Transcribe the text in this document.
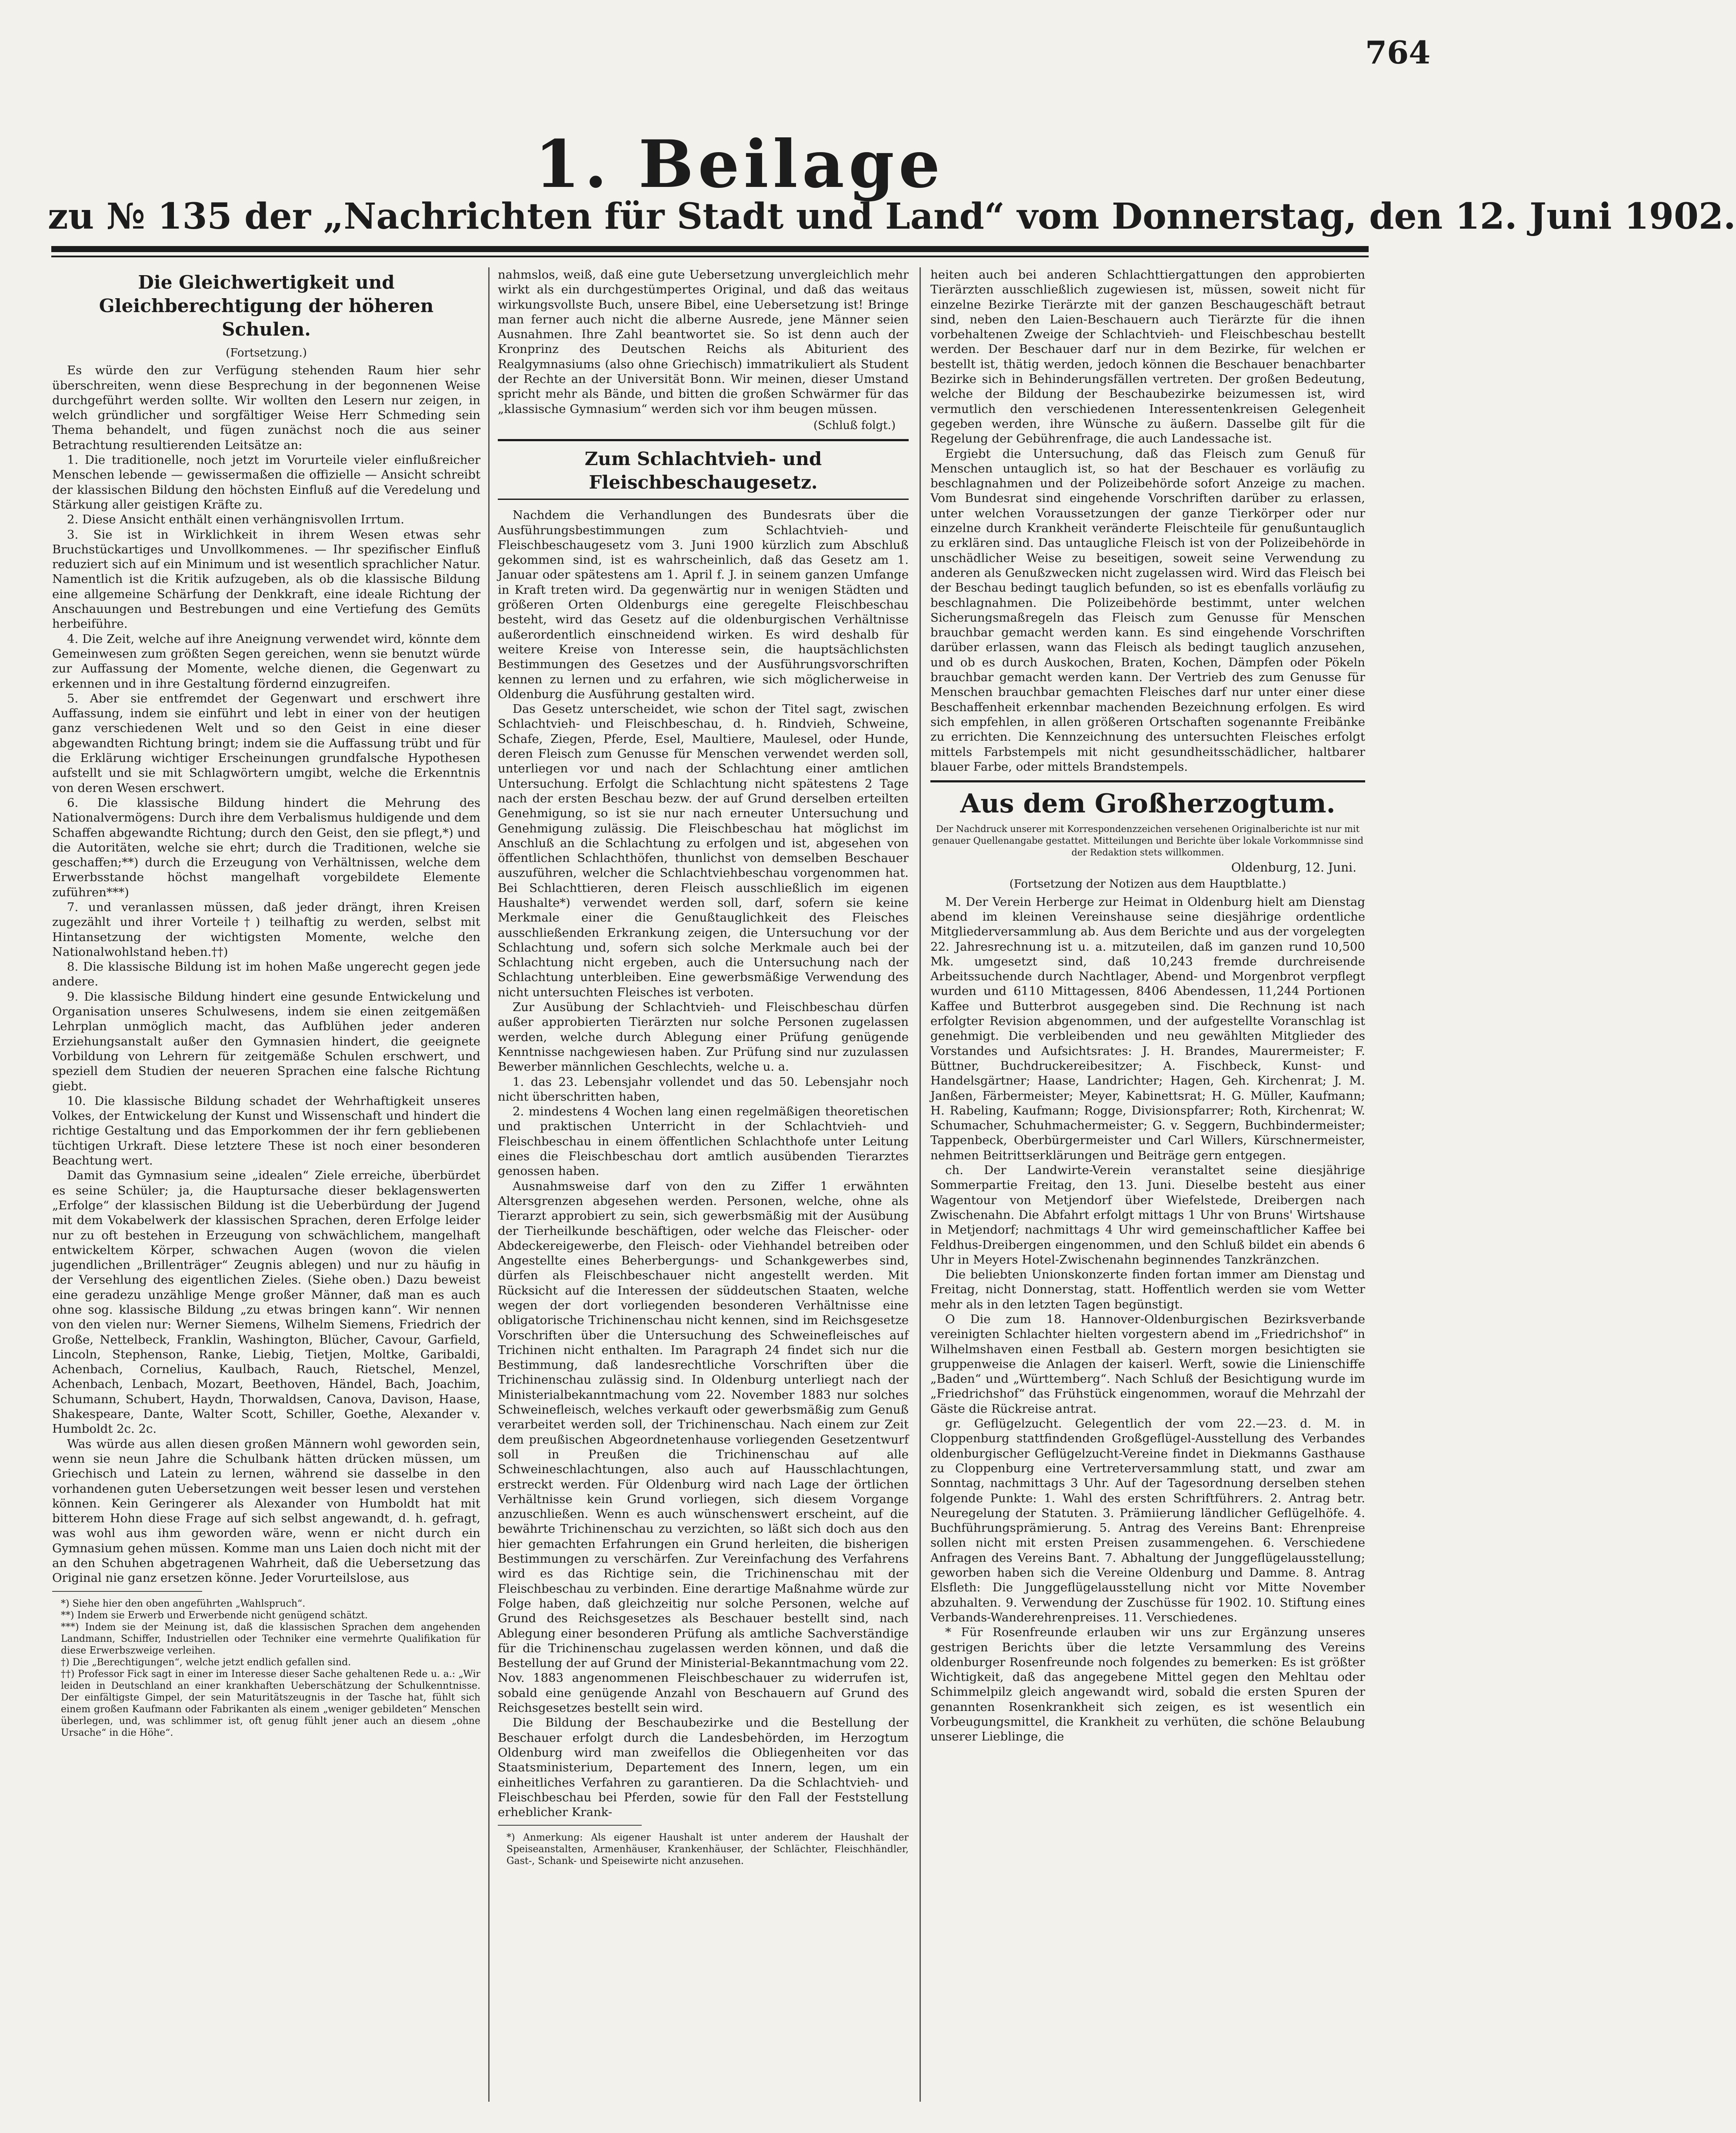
764
1. Beilage
zu № 135 der „Nachrichten für Stadt und Land“ vom Donnerstag, den 12. Juni 1902.
Die Gleichwertigkeit und Gleichberechtigung der höheren Schulen.
(Fortsetzung.)

Es würde den zur Verfügung stehenden Raum hier sehr überschreiten, wenn diese Besprechung in der begonnenen Weise durchgeführt werden sollte. Wir wollten den Lesern nur zeigen, in welch gründlicher und sorgfältiger Weise Herr Schmeding sein Thema behandelt, und fügen zunächst noch die aus seiner Betrachtung resultierenden Leitsätze an:

1. Die traditionelle, noch jetzt im Vorurteile vieler einflußreicher Menschen lebende — gewissermaßen die offizielle — Ansicht schreibt der klassischen Bildung den höchsten Einfluß auf die Veredelung und Stärkung aller geistigen Kräfte zu.

2. Diese Ansicht enthält einen verhängnisvollen Irrtum.

3. Sie ist in Wirklichkeit in ihrem Wesen etwas sehr Bruchstückartiges und Unvollkommenes. — Ihr spezifischer Einfluß reduziert sich auf ein Minimum und ist wesentlich sprachlicher Natur. Namentlich ist die Kritik aufzugeben, als ob die klassische Bildung eine allgemeine Schärfung der Denkkraft, eine ideale Richtung der Anschauungen und Bestrebungen und eine Vertiefung des Gemüts herbeiführe.

4. Die Zeit, welche auf ihre Aneignung verwendet wird, könnte dem Gemeinwesen zum größten Segen gereichen, wenn sie benutzt würde zur Auffassung der Momente, welche dienen, die Gegenwart zu erkennen und in ihre Gestaltung fördernd einzugreifen.

5. Aber sie entfremdet der Gegenwart und erschwert ihre Auffassung, indem sie einführt und lebt in einer von der heutigen ganz verschiedenen Welt und so den Geist in eine dieser abgewandten Richtung bringt; indem sie die Auffassung trübt und für die Erklärung wichtiger Erscheinungen grundfalsche Hypothesen aufstellt und sie mit Schlagwörtern umgibt, welche die Erkenntnis von deren Wesen erschwert.

6. Die klassische Bildung hindert die Mehrung des Nationalvermögens: Durch ihre dem Verbalismus huldigende und dem Schaffen abgewandte Richtung; durch den Geist, den sie pflegt,*) und die Autoritäten, welche sie ehrt; durch die Traditionen, welche sie geschaffen;**) durch die Erzeugung von Verhältnissen, welche dem Erwerbsstande höchst mangelhaft vorgebildete Elemente zuführen***)

7. und veranlassen müssen, daß jeder drängt, ihren Kreisen zugezählt und ihrer Vorteile†) teilhaftig zu werden, selbst mit Hintansetzung der wichtigsten Momente, welche den Nationalwohlstand heben.††)

8. Die klassische Bildung ist im hohen Maße ungerecht gegen jede andere.

9. Die klassische Bildung hindert eine gesunde Entwickelung und Organisation unseres Schulwesens, indem sie einen zeitgemäßen Lehrplan unmöglich macht, das Aufblühen jeder anderen Erziehungsanstalt außer den Gymnasien hindert, die geeignete Vorbildung von Lehrern für zeitgemäße Schulen erschwert, und speziell dem Studien der neueren Sprachen eine falsche Richtung giebt.

10. Die klassische Bildung schadet der Wehrhaftigkeit unseres Volkes, der Entwickelung der Kunst und Wissenschaft und hindert die richtige Gestaltung und das Emporkommen der ihr fern gebliebenen tüchtigen Urkraft. Diese letztere These ist noch einer besonderen Beachtung wert.

Damit das Gymnasium seine „idealen“ Ziele erreiche, überbürdet es seine Schüler; ja, die Hauptursache dieser beklagenswerten „Erfolge“ der klassischen Bildung ist die Ueberbürdung der Jugend mit dem Vokabelwerk der klassischen Sprachen, deren Erfolge leider nur zu oft bestehen in Erzeugung von schwächlichem, mangelhaft entwickeltem Körper, schwachen Augen (wovon die vielen jugendlichen „Brillenträger“ Zeugnis ablegen) und nur zu häufig in der Versehlung des eigentlichen Zieles. (Siehe oben.) Dazu beweist eine geradezu unzählige Menge großer Männer, daß man es auch ohne sog. klassische Bildung „zu etwas bringen kann“. Wir nennen von den vielen nur: Werner Siemens, Wilhelm Siemens, Friedrich der Große, Nettelbeck, Franklin, Washington, Blücher, Cavour, Garfield, Lincoln, Stephenson, Ranke, Liebig, Tietjen, Moltke, Garibaldi, Achenbach, Cornelius, Kaulbach, Rauch, Rietschel, Menzel, Achenbach, Lenbach, Mozart, Beethoven, Händel, Bach, Joachim, Schumann, Schubert, Haydn, Thorwaldsen, Canova, Davison, Haase, Shakespeare, Dante, Walter Scott, Schiller, Goethe, Alexander v. Humboldt 2c. 2c.

Was würde aus allen diesen großen Männern wohl geworden sein, wenn sie neun Jahre die Schulbank hätten drücken müssen, um Griechisch und Latein zu lernen, während sie dasselbe in den vorhandenen guten Uebersetzungen weit besser lesen und verstehen können. Kein Geringerer als Alexander von Humboldt hat mit bitterem Hohn diese Frage auf sich selbst angewandt, d. h. gefragt, was wohl aus ihm geworden wäre, wenn er nicht durch ein Gymnasium gehen müssen. Komme man uns Laien doch nicht mit der an den Schuhen abgetragenen Wahrheit, daß die Uebersetzung das Original nie ganz ersetzen könne. Jeder Vorurteilslose, aus

*) Siehe hier den oben angeführten „Wahlspruch“.

**) Indem sie Erwerb und Erwerbende nicht genügend schätzt.

***) Indem sie der Meinung ist, daß die klassischen Sprachen dem angehenden Landmann, Schiffer, Industriellen oder Techniker eine vermehrte Qualifikation für diese Erwerbszweige verleihen.

†) Die „Berechtigungen“, welche jetzt endlich gefallen sind.

††) Professor Fick sagt in einer im Interesse dieser Sache gehaltenen Rede u. a.: „Wir leiden in Deutschland an einer krankhaften Ueberschätzung der Schulkenntnisse. Der einfältigste Gimpel, der sein Maturitätszeugnis in der Tasche hat, fühlt sich einem großen Kaufmann oder Fabrikanten als einem „weniger gebildeten“ Menschen überlegen, und, was schlimmer ist, oft genug fühlt jener auch an diesem „ohne Ursache“ in die Höhe“.

nahmslos, weiß, daß eine gute Uebersetzung unvergleichlich mehr wirkt als ein durchgestümpertes Original, und daß das weitaus wirkungsvollste Buch, unsere Bibel, eine Uebersetzung ist! Bringe man ferner auch nicht die alberne Ausrede, jene Männer seien Ausnahmen. Ihre Zahl beantwortet sie. So ist denn auch der Kronprinz des Deutschen Reichs als Abiturient des Realgymnasiums (also ohne Griechisch) immatrikuliert als Student der Rechte an der Universität Bonn. Wir meinen, dieser Umstand spricht mehr als Bände, und bitten die großen Schwärmer für das „klassische Gymnasium“ werden sich vor ihm beugen müssen.

(Schluß folgt.)
Zum Schlachtvieh- und Fleischbeschaugesetz.

Nachdem die Verhandlungen des Bundesrats über die Ausführungsbestimmungen zum Schlachtvieh- und Fleischbeschaugesetz vom 3. Juni 1900 kürzlich zum Abschluß gekommen sind, ist es wahrscheinlich, daß das Gesetz am 1. Januar oder spätestens am 1. April f. J. in seinem ganzen Umfange in Kraft treten wird. Da gegenwärtig nur in wenigen Städten und größeren Orten Oldenburgs eine geregelte Fleischbeschau besteht, wird das Gesetz auf die oldenburgischen Verhältnisse außerordentlich einschneidend wirken. Es wird deshalb für weitere Kreise von Interesse sein, die hauptsächlichsten Bestimmungen des Gesetzes und der Ausführungsvorschriften kennen zu lernen und zu erfahren, wie sich möglicherweise in Oldenburg die Ausführung gestalten wird.

Das Gesetz unterscheidet, wie schon der Titel sagt, zwischen Schlachtvieh- und Fleischbeschau, d. h. Rindvieh, Schweine, Schafe, Ziegen, Pferde, Esel, Maultiere, Maulesel, oder Hunde, deren Fleisch zum Genusse für Menschen verwendet werden soll, unterliegen vor und nach der Schlachtung einer amtlichen Untersuchung. Erfolgt die Schlachtung nicht spätestens 2 Tage nach der ersten Beschau bezw. der auf Grund derselben erteilten Genehmigung, so ist sie nur nach erneuter Untersuchung und Genehmigung zulässig. Die Fleischbeschau hat möglichst im Anschluß an die Schlachtung zu erfolgen und ist, abgesehen von öffentlichen Schlachthöfen, thunlichst von demselben Beschauer auszuführen, welcher die Schlachtviehbeschau vorgenommen hat. Bei Schlachttieren, deren Fleisch ausschließlich im eigenen Haushalte*) verwendet werden soll, darf, sofern sie keine Merkmale einer die Genußtauglichkeit des Fleisches ausschließenden Erkrankung zeigen, die Untersuchung vor der Schlachtung und, sofern sich solche Merkmale auch bei der Schlachtung nicht ergeben, auch die Untersuchung nach der Schlachtung unterbleiben. Eine gewerbsmäßige Verwendung des nicht untersuchten Fleisches ist verboten.

Zur Ausübung der Schlachtvieh- und Fleischbeschau dürfen außer approbierten Tierärzten nur solche Personen zugelassen werden, welche durch Ablegung einer Prüfung genügende Kenntnisse nachgewiesen haben. Zur Prüfung sind nur zuzulassen Bewerber männlichen Geschlechts, welche u. a.

1. das 23. Lebensjahr vollendet und das 50. Lebensjahr noch nicht überschritten haben,

2. mindestens 4 Wochen lang einen regelmäßigen theoretischen und praktischen Unterricht in der Schlachtvieh- und Fleischbeschau in einem öffentlichen Schlachthofe unter Leitung eines die Fleischbeschau dort amtlich ausübenden Tierarztes genossen haben.

Ausnahmsweise darf von den zu Ziffer 1 erwähnten Altersgrenzen abgesehen werden. Personen, welche, ohne als Tierarzt approbiert zu sein, sich gewerbsmäßig mit der Ausübung der Tierheilkunde beschäftigen, oder welche das Fleischer- oder Abdeckereigewerbe, den Fleisch- oder Viehhandel betreiben oder Angestellte eines Beherbergungs- und Schankgewerbes sind, dürfen als Fleischbeschauer nicht angestellt werden. Mit Rücksicht auf die Interessen der süddeutschen Staaten, welche wegen der dort vorliegenden besonderen Verhältnisse eine obligatorische Trichinenschau nicht kennen, sind im Reichsgesetze Vorschriften über die Untersuchung des Schweinefleisches auf Trichinen nicht enthalten. Im Paragraph 24 findet sich nur die Bestimmung, daß landesrechtliche Vorschriften über die Trichinenschau zulässig sind. In Oldenburg unterliegt nach der Ministerialbekanntmachung vom 22. November 1883 nur solches Schweinefleisch, welches verkauft oder gewerbsmäßig zum Genuß verarbeitet werden soll, der Trichinenschau. Nach einem zur Zeit dem preußischen Abgeordnetenhause vorliegenden Gesetzentwurf soll in Preußen die Trichinenschau auf alle Schweineschlachtungen, also auch auf Hausschlachtungen, erstreckt werden. Für Oldenburg wird nach Lage der örtlichen Verhältnisse kein Grund vorliegen, sich diesem Vorgange anzuschließen. Wenn es auch wünschenswert erscheint, auf die bewährte Trichinenschau zu verzichten, so läßt sich doch aus den hier gemachten Erfahrungen ein Grund herleiten, die bisherigen Bestimmungen zu verschärfen. Zur Vereinfachung des Verfahrens wird es das Richtige sein, die Trichinenschau mit der Fleischbeschau zu verbinden. Eine derartige Maßnahme würde zur Folge haben, daß gleichzeitig nur solche Personen, welche auf Grund des Reichsgesetzes als Beschauer bestellt sind, nach Ablegung einer besonderen Prüfung als amtliche Sachverständige für die Trichinenschau zugelassen werden können, und daß die Bestellung der auf Grund der Ministerial-Bekanntmachung vom 22. Nov. 1883 angenommenen Fleischbeschauer zu widerrufen ist, sobald eine genügende Anzahl von Beschauern auf Grund des Reichsgesetzes bestellt sein wird.

Die Bildung der Beschaubezirke und die Bestellung der Beschauer erfolgt durch die Landesbehörden, im Herzogtum Oldenburg wird man zweifellos die Obliegenheiten vor das Staatsministerium, Departement des Innern, legen, um ein einheitliches Verfahren zu garantieren. Da die Schlachtvieh- und Fleischbeschau bei Pferden, sowie für den Fall der Feststellung erheblicher Krank-

*) Anmerkung: Als eigener Haushalt ist unter anderem der Haushalt der Speiseanstalten, Armenhäuser, Krankenhäuser, der Schlächter, Fleischhändler, Gast-, Schank- und Speisewirte nicht anzusehen.

heiten auch bei anderen Schlachttiergattungen den approbierten Tierärzten ausschließlich zugewiesen ist, müssen, soweit nicht für einzelne Bezirke Tierärzte mit der ganzen Beschaugeschäft betraut sind, neben den Laien-Beschauern auch Tierärzte für die ihnen vorbehaltenen Zweige der Schlachtvieh- und Fleischbeschau bestellt werden. Der Beschauer darf nur in dem Bezirke, für welchen er bestellt ist, thätig werden, jedoch können die Beschauer benachbarter Bezirke sich in Behinderungsfällen vertreten. Der großen Bedeutung, welche der Bildung der Beschaubezirke beizumessen ist, wird vermutlich den verschiedenen Interessentenkreisen Gelegenheit gegeben werden, ihre Wünsche zu äußern. Dasselbe gilt für die Regelung der Gebührenfrage, die auch Landessache ist.

Ergiebt die Untersuchung, daß das Fleisch zum Genuß für Menschen untauglich ist, so hat der Beschauer es vorläufig zu beschlagnahmen und der Polizeibehörde sofort Anzeige zu machen. Vom Bundesrat sind eingehende Vorschriften darüber zu erlassen, unter welchen Voraussetzungen der ganze Tierkörper oder nur einzelne durch Krankheit veränderte Fleischteile für genußuntauglich zu erklären sind. Das untaugliche Fleisch ist von der Polizeibehörde in unschädlicher Weise zu beseitigen, soweit seine Verwendung zu anderen als Genußzwecken nicht zugelassen wird. Wird das Fleisch bei der Beschau bedingt tauglich befunden, so ist es ebenfalls vorläufig zu beschlagnahmen. Die Polizeibehörde bestimmt, unter welchen Sicherungsmaßregeln das Fleisch zum Genusse für Menschen brauchbar gemacht werden kann. Es sind eingehende Vorschriften darüber erlassen, wann das Fleisch als bedingt tauglich anzusehen, und ob es durch Auskochen, Braten, Kochen, Dämpfen oder Pökeln brauchbar gemacht werden kann. Der Vertrieb des zum Genusse für Menschen brauchbar gemachten Fleisches darf nur unter einer diese Beschaffenheit erkennbar machenden Bezeichnung erfolgen. Es wird sich empfehlen, in allen größeren Ortschaften sogenannte Freibänke zu errichten. Die Kennzeichnung des untersuchten Fleisches erfolgt mittels Farbstempels mit nicht gesundheitsschädlicher, haltbarer blauer Farbe, oder mittels Brandstempels.

Aus dem Großherzogtum.
Der Nachdruck unserer mit Korrespondenzzeichen versehenen Originalberichte ist nur mit genauer Quellenangabe gestattet. Mitteilungen und Berichte über lokale Vorkommnisse sind der Redaktion stets willkommen.
Oldenburg, 12. Juni.
(Fortsetzung der Notizen aus dem Hauptblatte.)

M. Der Verein Herberge zur Heimat in Oldenburg hielt am Dienstag abend im kleinen Vereinshause seine diesjährige ordentliche Mitgliederversammlung ab. Aus dem Berichte und aus der vorgelegten 22. Jahresrechnung ist u. a. mitzuteilen, daß im ganzen rund 10,500 Mk. umgesetzt sind, daß 10,243 fremde durchreisende Arbeitssuchende durch Nachtlager, Abend- und Morgenbrot verpflegt wurden und 6110 Mittagessen, 8406 Abendessen, 11,244 Portionen Kaffee und Butterbrot ausgegeben sind. Die Rechnung ist nach erfolgter Revision abgenommen, und der aufgestellte Voranschlag ist genehmigt. Die verbleibenden und neu gewählten Mitglieder des Vorstandes und Aufsichtsrates: J. H. Brandes, Maurermeister; F. Büttner, Buchdruckereibesitzer; A. Fischbeck, Kunst- und Handelsgärtner; Haase, Landrichter; Hagen, Geh. Kirchenrat; J. M. Janßen, Färbermeister; Meyer, Kabinettsrat; H. G. Müller, Kaufmann; H. Rabeling, Kaufmann; Rogge, Divisionspfarrer; Roth, Kirchenrat; W. Schumacher, Schuhmachermeister; G. v. Seggern, Buchbindermeister; Tappenbeck, Oberbürgermeister und Carl Willers, Kürschnermeister, nehmen Beitrittserklärungen und Beiträge gern entgegen.

ch. Der Landwirte-Verein veranstaltet seine diesjährige Sommerpartie Freitag, den 13. Juni. Dieselbe besteht aus einer Wagentour von Metjendorf über Wiefelstede, Dreibergen nach Zwischenahn. Die Abfahrt erfolgt mittags 1 Uhr von Bruns' Wirtshause in Metjendorf; nachmittags 4 Uhr wird gemeinschaftlicher Kaffee bei Feldhus-Dreibergen eingenommen, und den Schluß bildet ein abends 6 Uhr in Meyers Hotel-Zwischenahn beginnendes Tanzkränzchen.

Die beliebten Unionskonzerte finden fortan immer am Dienstag und Freitag, nicht Donnerstag, statt. Hoffentlich werden sie vom Wetter mehr als in den letzten Tagen begünstigt.

O Die zum 18. Hannover-Oldenburgischen Bezirksverbande vereinigten Schlachter hielten vorgestern abend im „Friedrichshof“ in Wilhelmshaven einen Festball ab. Gestern morgen besichtigten sie gruppenweise die Anlagen der kaiserl. Werft, sowie die Linienschiffe „Baden“ und „Württemberg“. Nach Schluß der Besichtigung wurde im „Friedrichshof“ das Frühstück eingenommen, worauf die Mehrzahl der Gäste die Rückreise antrat.

gr. Geflügelzucht. Gelegentlich der vom 22.—23. d. M. in Cloppenburg stattfindenden Großgeflügel-Ausstellung des Verbandes oldenburgischer Geflügelzucht-Vereine findet in Diekmanns Gasthause zu Cloppenburg eine Vertreterversammlung statt, und zwar am Sonntag, nachmittags 3 Uhr. Auf der Tagesordnung derselben stehen folgende Punkte: 1. Wahl des ersten Schriftführers. 2. Antrag betr. Neuregelung der Statuten. 3. Prämiierung ländlicher Geflügelhöfe. 4. Buchführungsprämierung. 5. Antrag des Vereins Bant: Ehrenpreise sollen nicht mit ersten Preisen zusammengehen. 6. Verschiedene Anfragen des Vereins Bant. 7. Abhaltung der Junggeflügelausstellung; geworben haben sich die Vereine Oldenburg und Damme. 8. Antrag Elsfleth: Die Junggeflügelausstellung nicht vor Mitte November abzuhalten. 9. Verwendung der Zuschüsse für 1902. 10. Stiftung eines Verbands-Wanderehrenpreises. 11. Verschiedenes.

* Für Rosenfreunde erlauben wir uns zur Ergänzung unseres gestrigen Berichts über die letzte Versammlung des Vereins oldenburger Rosenfreunde noch folgendes zu bemerken: Es ist größter Wichtigkeit, daß das angegebene Mittel gegen den Mehltau oder Schimmelpilz gleich angewandt wird, sobald die ersten Spuren der genannten Rosenkrankheit sich zeigen, es ist wesentlich ein Vorbeugungsmittel, die Krankheit zu verhüten, die schöne Belaubung unserer Lieblinge, die
